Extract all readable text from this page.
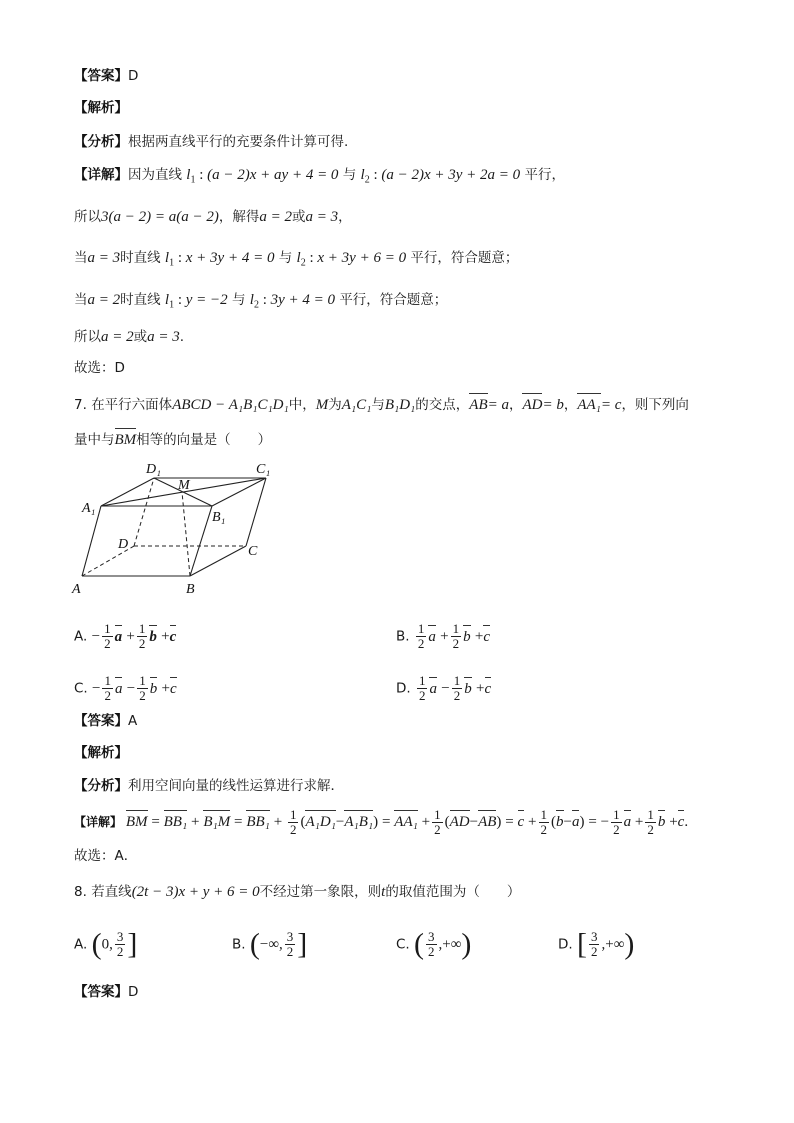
【答案】D
【解析】
【分析】根据两直线平行的充要条件计算可得.
【详解】因为直线 $l_1$ : (a − 2)x + ay + 4 = 0 与 $l_2$ : (a − 2)x + 3y + 2a = 0 平行，
所以3(a − 2) = a(a − 2)，解得a = 2或a = 3，
当a = 3时直线 $l_1$ : x + 3y + 4 = 0 与 $l_2$ : x + 3y + 6 = 0 平行，符合题意；
当a = 2时直线 $l_1$ : y = −2 与 $l_2$ : 3y + 4 = 0 平行，符合题意；
所以a = 2或a = 3.
故选：D
7. 在平行六面体ABCD − A₁B₁C₁D₁中，M为A₁C₁与B₁D₁的交点，AB= a，AD= b，AA₁= c，则下列向
量中与BM相等的向量是（　　）
A	B
C
D
A₁
B₁
C₁
D₁
M
A. − $\frac{1}{2}$ $a + \frac{1}{2}$ b +c	B. $\frac{1}{2}$ $a + \frac{1}{2}$ b +c
C. − $\frac{1}{2}$ $a - \frac{1}{2}$ b +c	D. $\frac{1}{2}$ $a - \frac{1}{2}$ b +c
【答案】A
【解析】
【分析】利用空间向量的线性运算进行求解．
【详解】 BM = $BB_1 + B_1M = BB_1 + \frac{1}{2} (A_1D_1-A_1B_1) = AA_1 + \frac{1}{2} (AD-AB) = c + \frac{1}{2} (b-a)$ = − $\frac{1}{2}$ $a + \frac{1}{2}$ b +c.
故选：A．
8. 若直线(2t − 3)x + y + 6 = 0不经过第一象限，则t的取值范围为（　　）
A. (0, $\frac{3}{2}$ ]	B. (−∞, $\frac{3}{2}$ ]	C. ( $\frac{3}{2}$ ,+∞)	D. [ $\frac{3}{2}$ ,+∞)
【答案】D
